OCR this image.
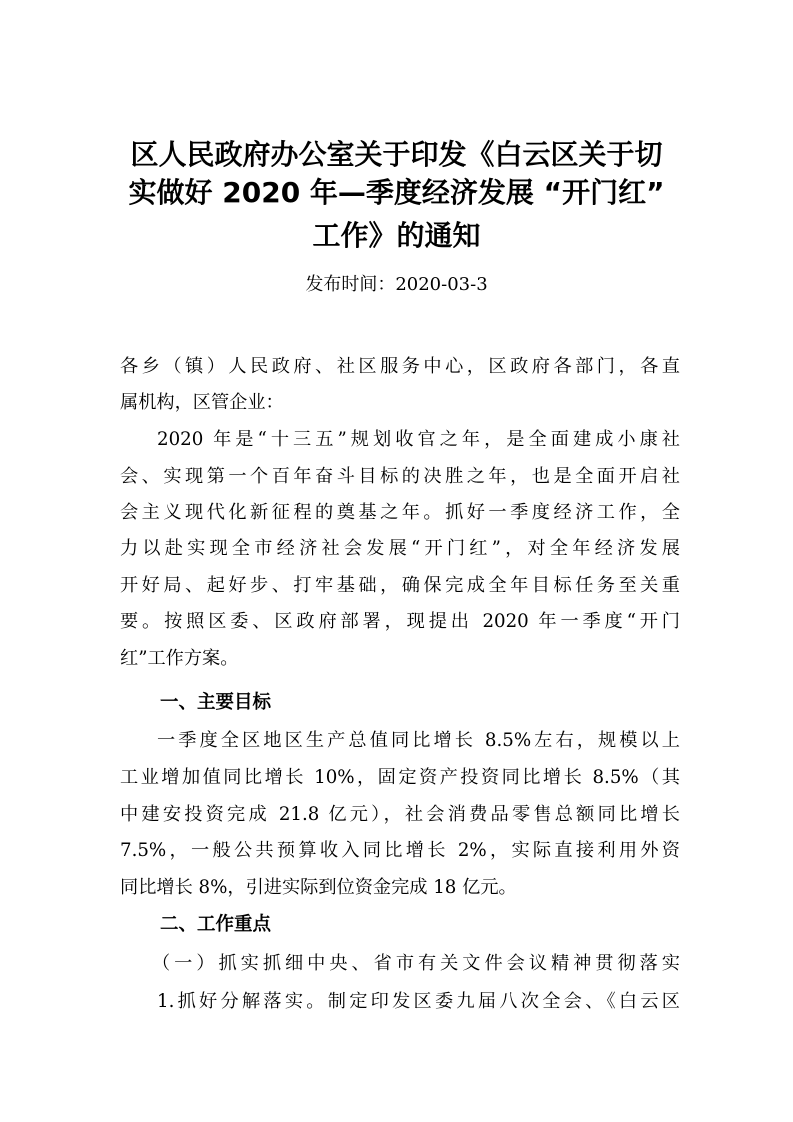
区人民政府办公室关于印发《白云区关于切
实做好 2020 年—季度经济发展 “开门红”
工作》的通知
发布时间：2020-03-3
各乡（镇）人民政府、社区服务中心，区政府各部门，各直
属机构，区管企业：
2020 年是“十三五”规划收官之年，是全面建成小康社
会、实现第一个百年奋斗目标的决胜之年，也是全面开启社
会主义现代化新征程的奠基之年。抓好一季度经济工作，全
力以赴实现全市经济社会发展“开门红”，对全年经济发展
开好局、起好步、打牢基础，确保完成全年目标任务至关重
要。按照区委、区政府部署，现提出 2020 年一季度“开门
红”工作方案。
一、主要目标
一季度全区地区生产总值同比增长 8.5%左右，规模以上
工业增加值同比增长 10%，固定资产投资同比增长 8.5%（其
中建安投资完成 21.8 亿元），社会消费品零售总额同比增长
7.5%，一般公共预算收入同比增长 2%，实际直接利用外资
同比增长 8%，引进实际到位资金完成 18 亿元。
二、工作重点
（一）抓实抓细中央、省市有关文件会议精神贯彻落实
1.抓好分解落实。制定印发区委九届八次全会、《白云区
